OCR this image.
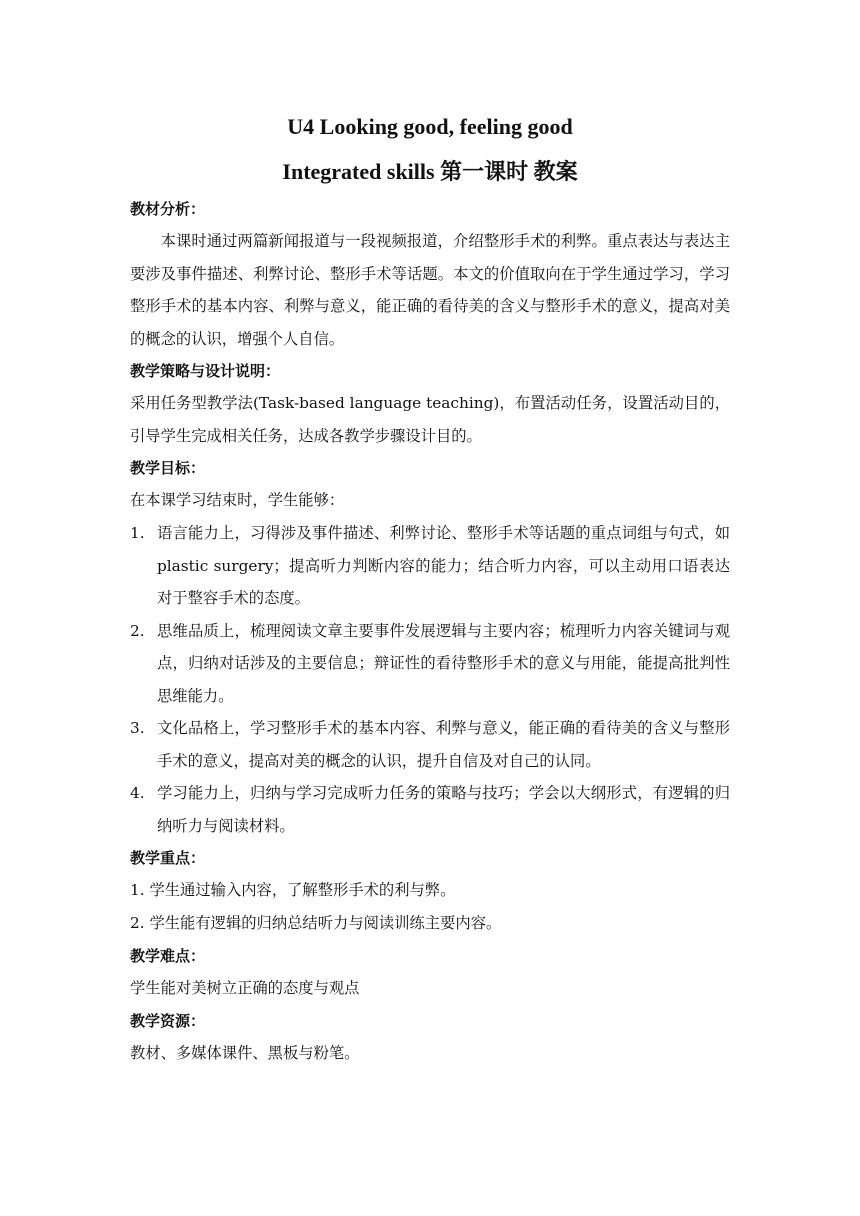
U4 Looking good, feeling good
Integrated skills 第一课时 教案
教材分析：

本课时通过两篇新闻报道与一段视频报道，介绍整形手术的利弊。重点表达与表达主要涉及事件描述、利弊讨论、整形手术等话题。本文的价值取向在于学生通过学习，学习整形手术的基本内容、利弊与意义，能正确的看待美的含义与整形手术的意义，提高对美的概念的认识，增强个人自信。

教学策略与设计说明：

采用任务型教学法(Task-based language teaching)，布置活动任务，设置活动目的，引导学生完成相关任务，达成各教学步骤设计目的。

教学目标：

在本课学习结束时，学生能够：

1. 语言能力上，习得涉及事件描述、利弊讨论、整形手术等话题的重点词组与句式，如 plastic surgery；提高听力判断内容的能力；结合听力内容，可以主动用口语表达对于整容手术的态度。
2. 思维品质上，梳理阅读文章主要事件发展逻辑与主要内容；梳理听力内容关键词与观点，归纳对话涉及的主要信息；辩证性的看待整形手术的意义与用能，能提高批判性思维能力。
3. 文化品格上，学习整形手术的基本内容、利弊与意义，能正确的看待美的含义与整形手术的意义，提高对美的概念的认识，提升自信及对自己的认同。
4. 学习能力上，归纳与学习完成听力任务的策略与技巧；学会以大纲形式，有逻辑的归纳听力与阅读材料。
教学重点：

1. 学生通过输入内容，了解整形手术的利与弊。

2. 学生能有逻辑的归纳总结听力与阅读训练主要内容。

教学难点：

学生能对美树立正确的态度与观点

教学资源：

教材、多媒体课件、黑板与粉笔。
